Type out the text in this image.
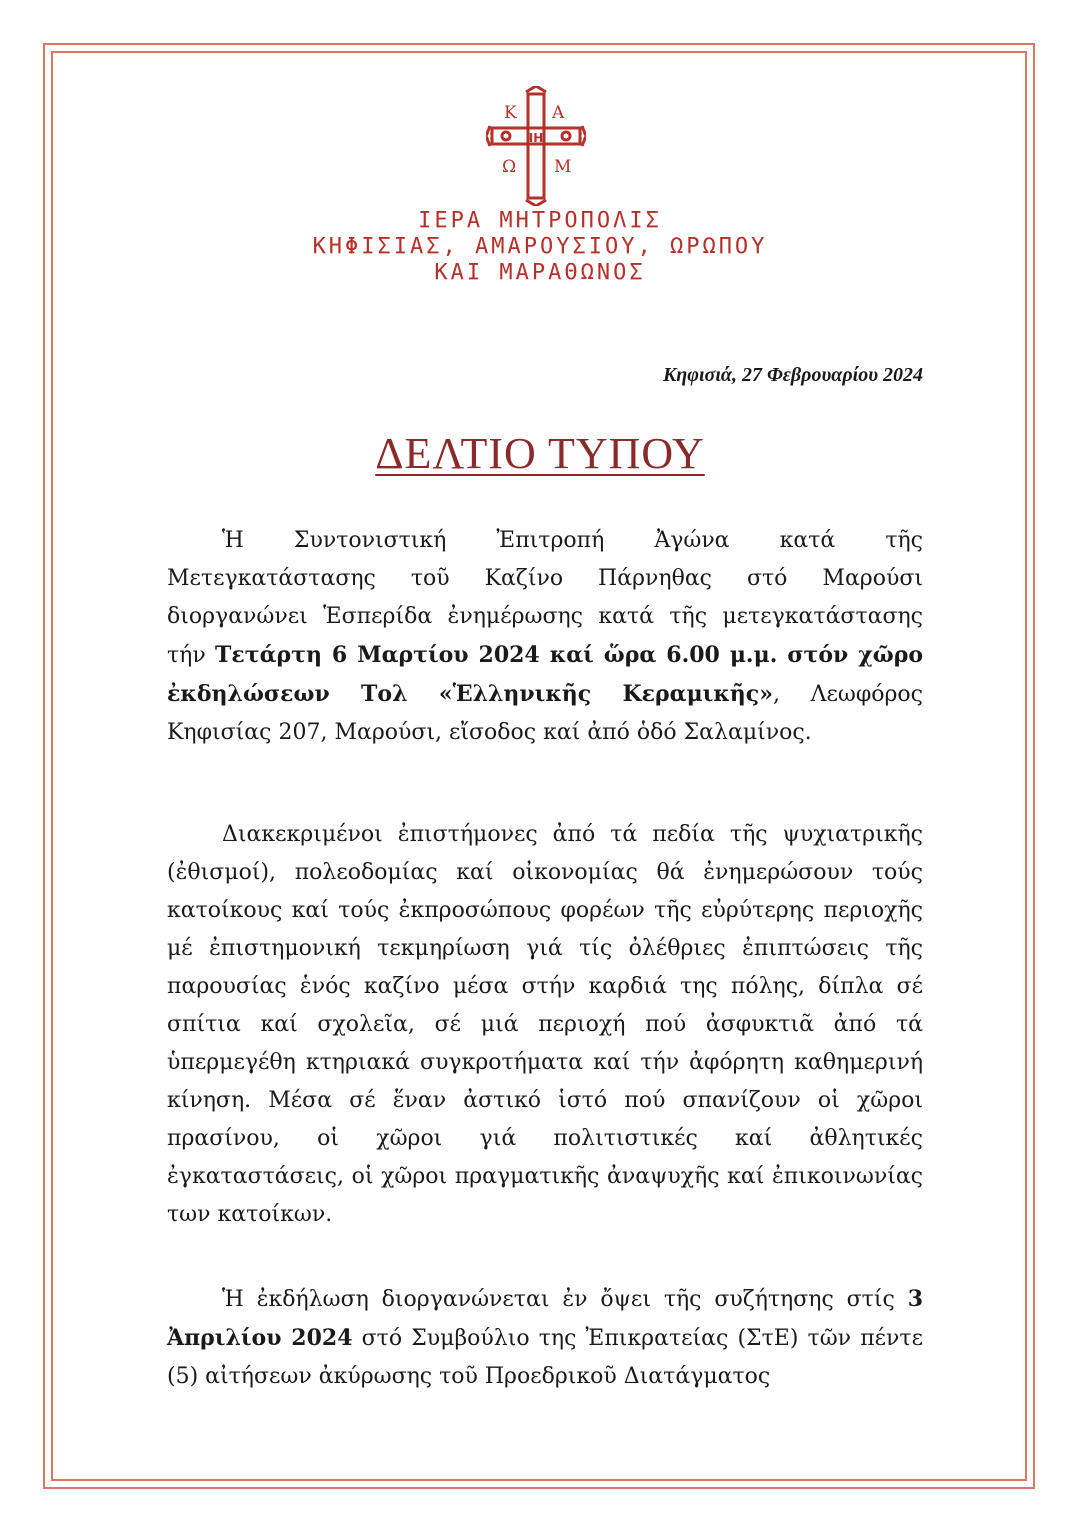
Κ Α
Ω Μ
ΙΗ
ΙΕΡΑ ΜΗΤΡΟΠΟΛΙΣ
ΚΗΦΙΣΙΑΣ, ΑΜΑΡΟΥΣΙΟΥ, ΩΡΩΠΟΥ
ΚΑΙ ΜΑΡΑΘΩΝΟΣ
Κηφισιά, 27 Φεβρουαρίου 2024
ΔΕΛΤΙΟ ΤΥΠΟΥ

Ἡ Συντονιστική Ἐπιτροπή Ἀγώνα κατά τῆς Μετεγκατάστασης τοῦ Καζίνο Πάρνηθας στό Μαρούσι διοργανώνει Ἑσπερίδα ἐνημέρωσης κατά τῆς μετεγκατάστασης τήν Τετάρτη 6 Μαρτίου 2024 καί ὥρα 6.00 μ.μ. στόν χῶρο ἐκδηλώσεων Τολ «Ἑλληνικῆς Κεραμικῆς», Λεωφόρος Κηφισίας 207, Μαρούσι, εἴσοδος καί ἀπό ὁδό Σαλαμίνος.

Διακεκριμένοι ἐπιστήμονες ἀπό τά πεδία τῆς ψυχιατρικῆς (ἐθισμοί), πολεοδομίας καί οἰκονομίας θά ἐνημερώσουν τούς κατοίκους καί τούς ἐκπροσώπους φορέων τῆς εὐρύτερης περιοχῆς μέ ἐπιστημονική τεκμηρίωση γιά τίς ὀλέθριες ἐπιπτώσεις τῆς παρουσίας ἑνός καζίνο μέσα στήν καρδιά της πόλης, δίπλα σέ σπίτια καί σχολεῖα, σέ μιά περιοχή πού ἀσφυκτιᾶ ἀπό τά ὑπερμεγέθη κτηριακά συγκροτήματα καί τήν ἀφόρητη καθημερινή κίνηση. Μέσα σέ ἕναν ἀστικό ἱστό πού σπανίζουν οἱ χῶροι πρασίνου, οἱ χῶροι γιά πολιτιστικές καί ἀθλητικές ἐγκαταστάσεις, οἱ χῶροι πραγματικῆς ἀναψυχῆς καί ἐπικοινωνίας των κατοίκων.

Ἡ ἐκδήλωση διοργανώνεται ἐν ὄψει τῆς συζήτησης στίς 3 Ἀπριλίου 2024 στό Συμβούλιο της Ἐπικρατείας (ΣτΕ) τῶν πέντε (5) αἰτήσεων ἀκύρωσης τοῦ Προεδρικοῦ Διατάγματος
